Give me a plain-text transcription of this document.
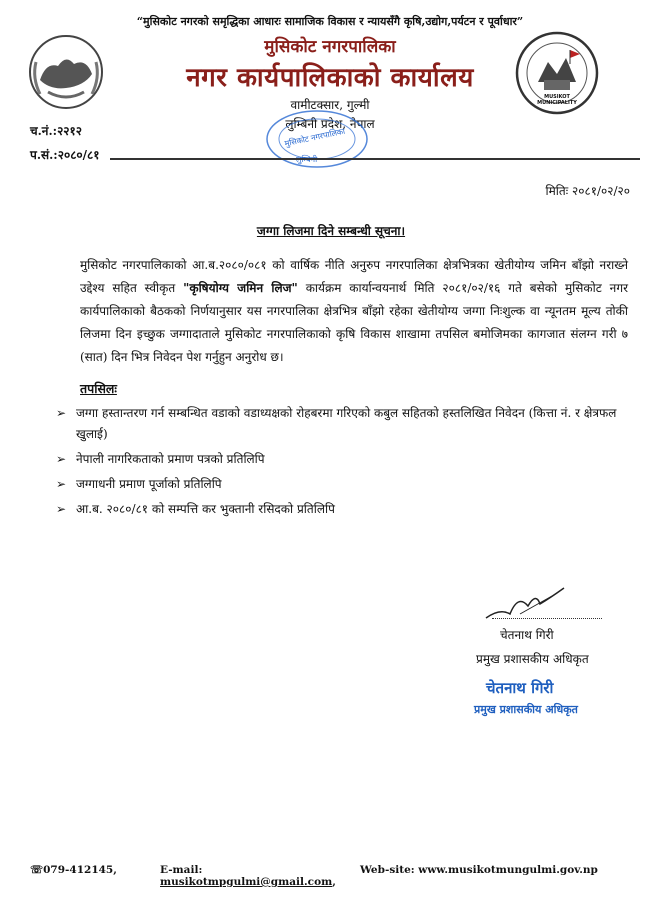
MUSIKOT MUNICIPALITY
“मुसिकोट नगरको समृद्धिका आधारः सामाजिक विकास र न्यायसँगै कृषि,उद्योग,पर्यटन र पूर्वाधार”
मुसिकोट नगरपालिका
नगर कार्यपालिकाको कार्यालय
वामीटक्सार, गुल्मी
लुम्बिनी प्रदेश, नेपाल
मुसिकोट नगरपालिका
लुम्बिनी
च.नं.:२२१२
प.सं.:२०८०/८१
मितिः २०८१/०२/२०
जग्गा लिजमा दिने सम्बन्धी सूचना।
मुसिकोट नगरपालिकाको आ.ब.२०८०/०८१ को वार्षिक नीति अनुरुप नगरपालिका क्षेत्रभित्रका खेतीयोग्य जमिन बाँझो नराख्ने उद्देश्य सहित स्वीकृत "कृषियोग्य जमिन लिज" कार्यक्रम कार्यान्वयनार्थ मिति २०८१/०२/१६ गते बसेको मुसिकोट नगर कार्यपालिकाको बैठकको निर्णयानुसार यस नगरपालिका क्षेत्रभित्र बाँझो रहेका खेतीयोग्य जग्गा निःशुल्क वा न्यूनतम मूल्य तोकी लिजमा दिन इच्छुक जग्गादाताले मुसिकोट नगरपालिकाको कृषि विकास शाखामा तपसिल बमोजिमका कागजात संलग्न गरी ७ (सात) दिन भित्र निवेदन पेश गर्नुहुन अनुरोध छ।
तपसिलः
➢ जग्गा हस्तान्तरण गर्न सम्बन्धित वडाको वडाध्यक्षको रोहबरमा गरिएको कबुल सहितको हस्तलिखित निवेदन (कित्ता नं. र क्षेत्रफल खुलाई)
➢ नेपाली नागरिकताको प्रमाण पत्रको प्रतिलिपि
➢ जग्गाधनी प्रमाण पूर्जाको प्रतिलिपि
➢ आ.ब. २०८०/८१ को सम्पत्ति कर भुक्तानी रसिदको प्रतिलिपि
चेतनाथ गिरी
प्रमुख प्रशासकीय अधिकृत
चेतनाथ गिरी
प्रमुख प्रशासकीय अधिकृत
☏079-412145,	E-mail: musikotmpgulmi@gmail.com,
Web-site: www.musikotmungulmi.gov.np
